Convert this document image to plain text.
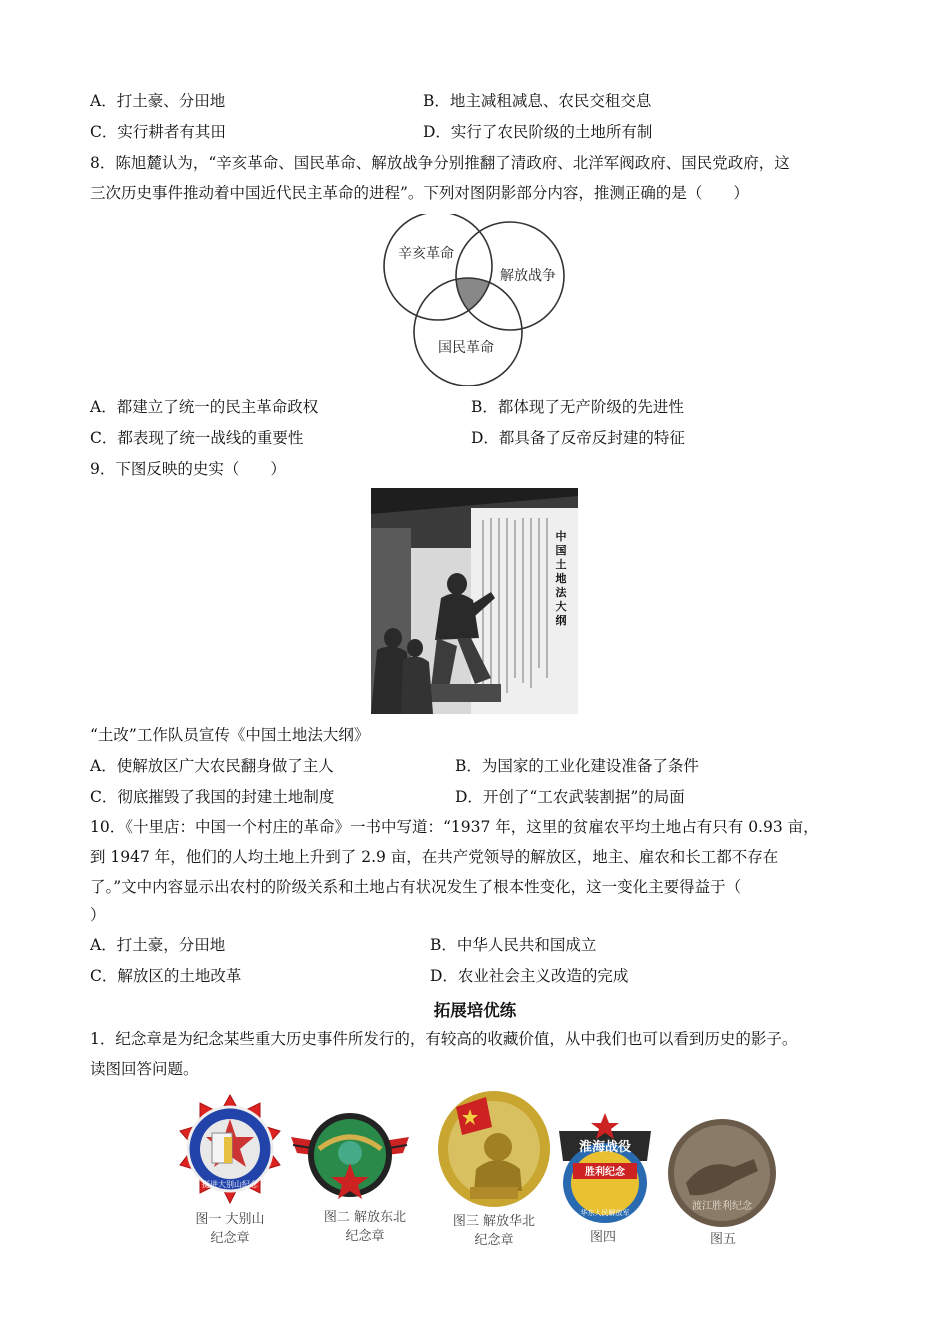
A．打土豪、分田地	B．地主减租减息、农民交租交息
C．实行耕者有其田	D．实行了农民阶级的土地所有制
8．陈旭麓认为，“辛亥革命、国民革命、解放战争分别推翻了清政府、北洋军阀政府、国民党政府，这
三次历史事件推动着中国近代民主革命的进程”。下列对图阴影部分内容，推测正确的是（　　）
辛亥革命
解放战争
国民革命
A．都建立了统一的民主革命政权	B．都体现了无产阶级的先进性
C．都表现了统一战线的重要性	D．都具备了反帝反封建的特征
9．下图反映的史实（　　）
中
国
土
地
法
大
纲
“土改”工作队员宣传《中国土地法大纲》
A．使解放区广大农民翻身做了主人	B．为国家的工业化建设准备了条件
C．彻底摧毁了我国的封建土地制度	D．开创了“工农武装割据”的局面
10．《十里店：中国一个村庄的革命》一书中写道：“1937 年，这里的贫雇农平均土地占有只有 0.93 亩，
到 1947 年，他们的人均土地上升到了 2.9 亩，在共产党领导的解放区，地主、雇农和长工都不存在
了。”文中内容显示出农村的阶级关系和土地占有状况发生了根本性变化，这一变化主要得益于（
）
A．打土豪，分田地	B．中华人民共和国成立
C．解放区的土地改革	D．农业社会主义改造的完成
拓展培优练
1．纪念章是为纪念某些重大历史事件所发行的，有较高的收藏价值，从中我们也可以看到历史的影子。
读图回答问题。
挺进大别山纪念
图一 大别山
纪念章
图二 解放东北
纪念章
图三 解放华北
纪念章
淮海战役
胜利纪念
华东人民解放军
图四
渡江胜利纪念
图五
